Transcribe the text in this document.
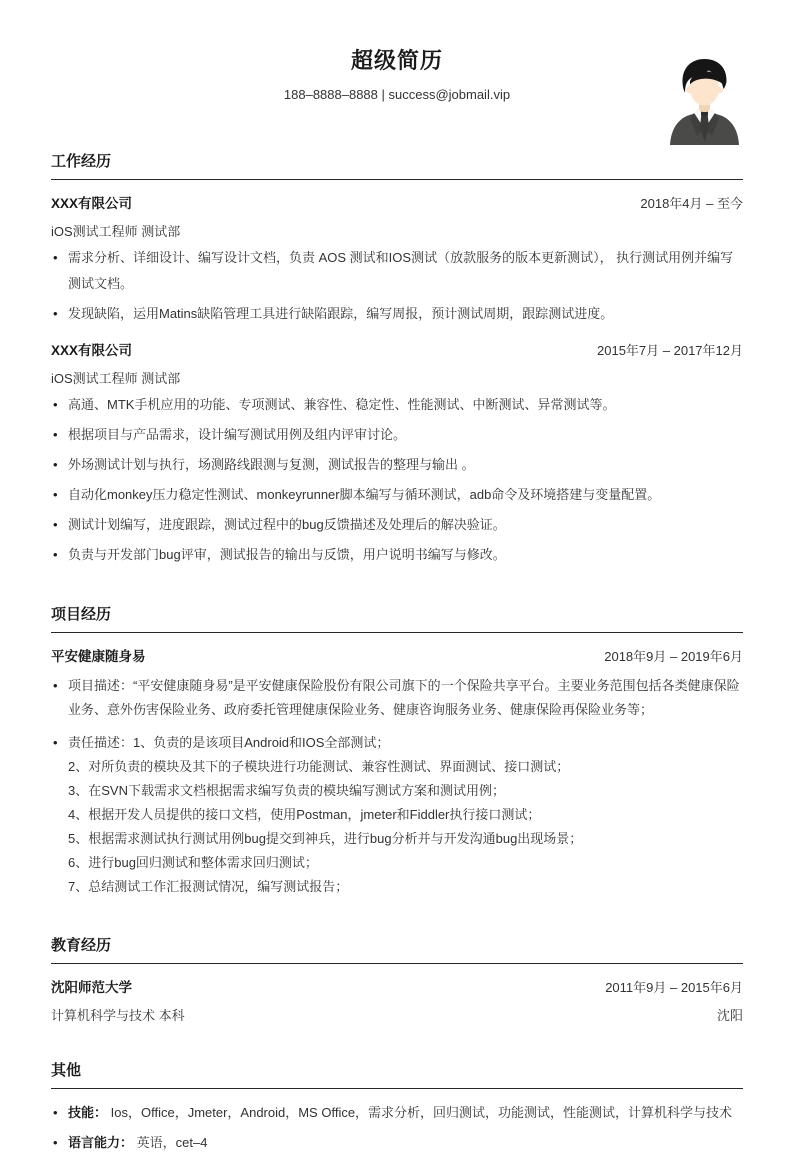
超级简历
188–8888–8888 | success@jobmail.vip
工作经历
XXX有限公司	2018年4月 – 至今
iOS测试工程师 测试部
• 需求分析、详细设计、编写设计文档，负责 AOS 测试和IOS测试（放款服务的版本更新测试）， 执行测试用例并编写测试文档。
• 发现缺陷，运用Matins缺陷管理工具进行缺陷跟踪，编写周报，预计测试周期，跟踪测试进度。
XXX有限公司	2015年7月 – 2017年12月
iOS测试工程师 测试部
• 高通、MTK手机应用的功能、专项测试、兼容性、稳定性、性能测试、中断测试、异常测试等。
• 根据项目与产品需求，设计编写测试用例及组内评审讨论。
• 外场测试计划与执行，场测路线跟测与复测，测试报告的整理与输出 。
• 自动化monkey压力稳定性测试、monkeyrunner脚本编写与循环测试，adb命令及环境搭建与变量配置。
• 测试计划编写，进度跟踪，测试过程中的bug反馈描述及处理后的解决验证。
• 负责与开发部门bug评审，测试报告的输出与反馈，用户说明书编写与修改。
项目经历
平安健康随身易	2018年9月 – 2019年6月
• 项目描述：“平安健康随身易”是平安健康保险股份有限公司旗下的一个保险共享平台。主要业务范围包括各类健康保险业务、意外伤害保险业务、政府委托管理健康保险业务、健康咨询服务业务、健康保险再保险业务等；
• 责任描述：1、负责的是该项目Android和IOS全部测试；
2、对所负责的模块及其下的子模块进行功能测试、兼容性测试、界面测试、接口测试；
3、在SVN下载需求文档根据需求编写负责的模块编写测试方案和测试用例；
4、根据开发人员提供的接口文档，使用Postman，jmeter和Fiddler执行接口测试；
5、根据需求测试执行测试用例bug提交到神兵，进行bug分析并与开发沟通bug出现场景；
6、进行bug回归测试和整体需求回归测试；
7、总结测试工作汇报测试情况，编写测试报告；
教育经历
沈阳师范大学	2011年9月 – 2015年6月
计算机科学与技术 本科	沈阳
其他
• 技能： Ios，Office，Jmeter，Android，MS Office，需求分析，回归测试，功能测试，性能测试，计算机科学与技术
• 语言能力： 英语，cet–4
